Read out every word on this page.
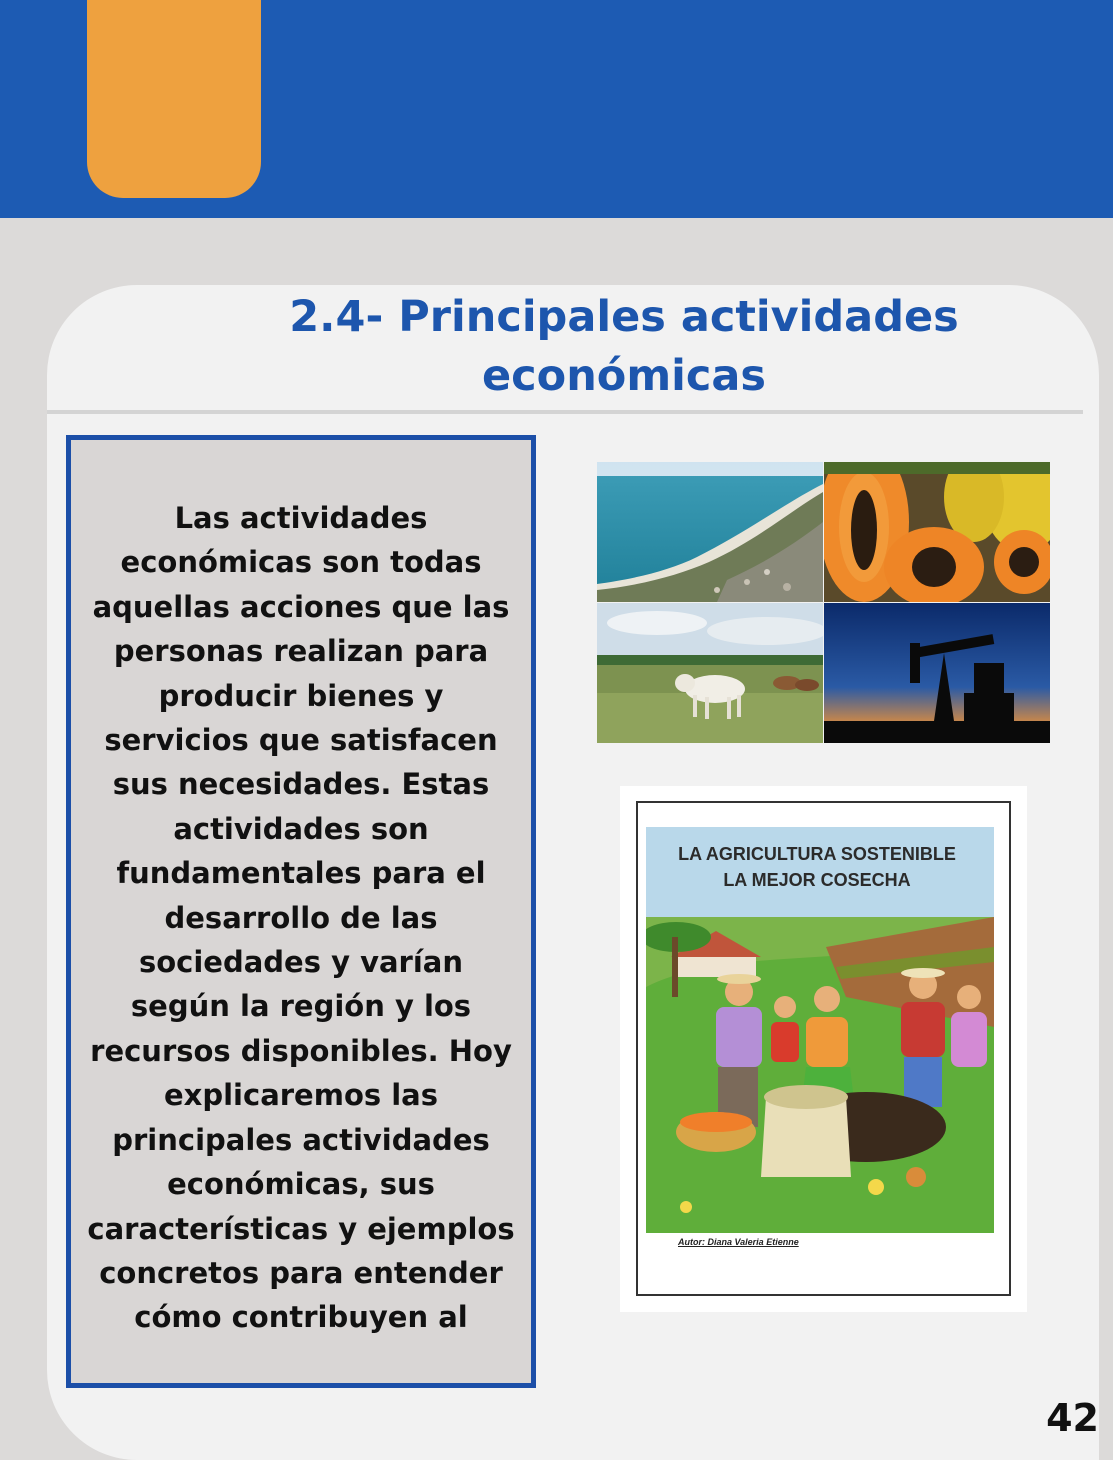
2.4- Principales actividades económicas

Las actividades económicas son todas aquellas acciones que las personas realizan para producir bienes y servicios que satisfacen sus necesidades. Estas actividades son fundamentales para el desarrollo de las sociedades y varían según la región y los recursos disponibles. Hoy explicaremos las principales actividades económicas, sus características y ejemplos concretos para entender cómo contribuyen al

LA AGRICULTURA SOSTENIBLE
LA MEJOR COSECHA
Autor: Diana Valeria Etienne
42
